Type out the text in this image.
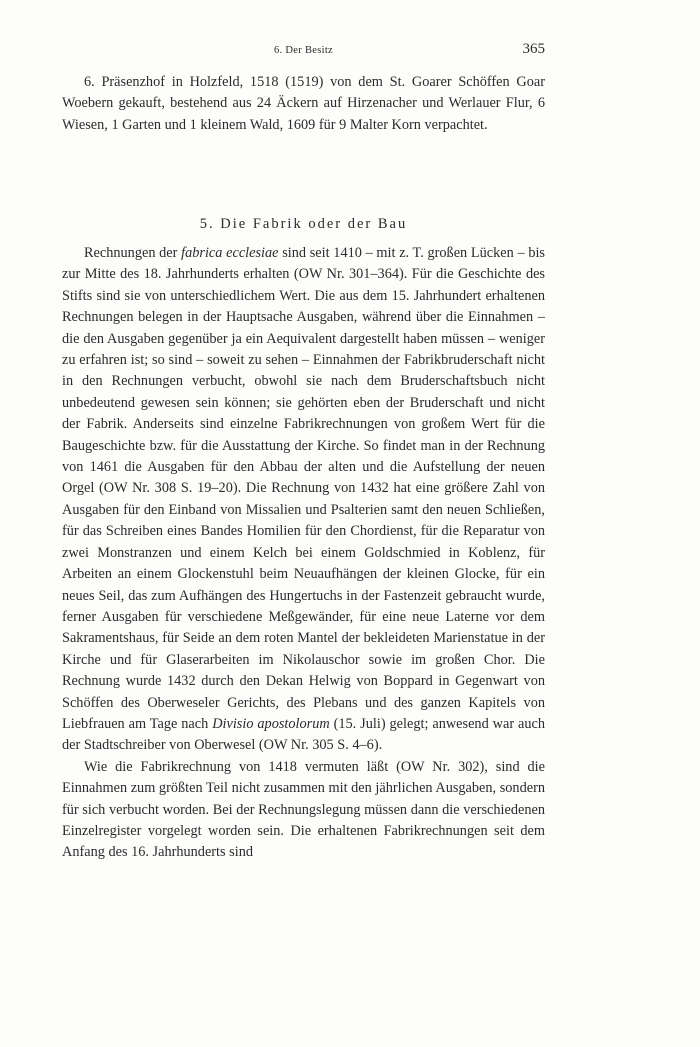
6. Der Besitz	365

6. Präsenzhof in Holzfeld, 1518 (1519) von dem St. Goarer Schöffen Goar Woebern gekauft, bestehend aus 24 Äckern auf Hirzenacher und Werlauer Flur, 6 Wiesen, 1 Garten und 1 kleinem Wald, 1609 für 9 Malter Korn verpachtet.

5. Die Fabrik oder der Bau

Rechnungen der fabrica ecclesiae sind seit 1410 – mit z. T. großen Lücken – bis zur Mitte des 18. Jahrhunderts erhalten (OW Nr. 301–364). Für die Geschichte des Stifts sind sie von unterschiedlichem Wert. Die aus dem 15. Jahrhundert erhaltenen Rechnungen belegen in der Hauptsache Ausgaben, während über die Einnahmen – die den Ausgaben gegenüber ja ein Aequivalent dargestellt haben müssen – weniger zu erfahren ist; so sind – soweit zu sehen – Einnahmen der Fabrikbruderschaft nicht in den Rechnungen verbucht, obwohl sie nach dem Bruderschaftsbuch nicht unbedeutend gewesen sein können; sie gehörten eben der Bruderschaft und nicht der Fabrik. Anderseits sind einzelne Fabrikrechnungen von großem Wert für die Baugeschichte bzw. für die Ausstattung der Kirche. So findet man in der Rechnung von 1461 die Ausgaben für den Abbau der alten und die Aufstellung der neuen Orgel (OW Nr. 308 S. 19–20). Die Rechnung von 1432 hat eine größere Zahl von Ausgaben für den Einband von Missalien und Psalterien samt den neuen Schließen, für das Schreiben eines Bandes Homilien für den Chordienst, für die Reparatur von zwei Monstranzen und einem Kelch bei einem Goldschmied in Koblenz, für Arbeiten an einem Glockenstuhl beim Neuaufhängen der kleinen Glocke, für ein neues Seil, das zum Aufhängen des Hungertuchs in der Fastenzeit gebraucht wurde, ferner Ausgaben für verschiedene Meßgewänder, für eine neue Laterne vor dem Sakramentshaus, für Seide an dem roten Mantel der bekleideten Marienstatue in der Kirche und für Glaserarbeiten im Nikolauschor sowie im großen Chor. Die Rechnung wurde 1432 durch den Dekan Helwig von Boppard in Gegenwart von Schöffen des Oberweseler Gerichts, des Plebans und des ganzen Kapitels von Liebfrauen am Tage nach Divisio apostolorum (15. Juli) gelegt; anwesend war auch der Stadtschreiber von Oberwesel (OW Nr. 305 S. 4–6).

Wie die Fabrikrechnung von 1418 vermuten läßt (OW Nr. 302), sind die Einnahmen zum größten Teil nicht zusammen mit den jährlichen Ausgaben, sondern für sich verbucht worden. Bei der Rechnungslegung müssen dann die verschiedenen Einzelregister vorgelegt worden sein. Die erhaltenen Fabrikrechnungen seit dem Anfang des 16. Jahrhunderts sind
